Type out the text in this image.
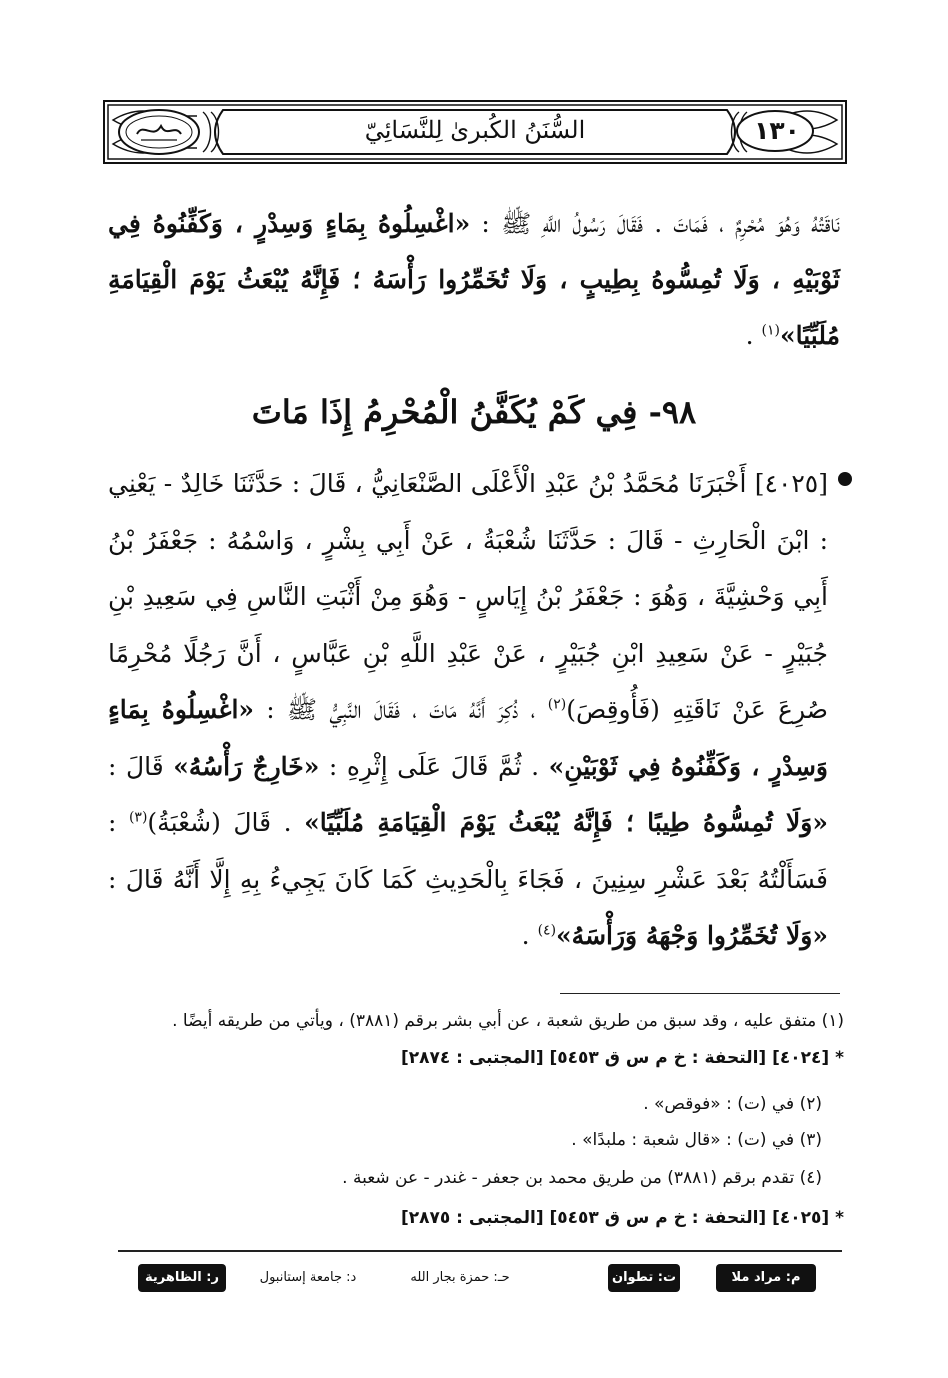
السُّنَنُ الكُبرىٰ لِلنَّسَائِيّ	١٣٠
نَاقَتُهُ وَهُوَ مُحْرِمٌ ، فَمَاتَ . فَقَالَ رَسُولُ اللَّهِ ﷺ : «اغْسِلُوهُ بِمَاءٍ وَسِدْرٍ ، وَكَفِّنُوهُ فِي ثَوْبَيْهِ ، وَلَا تُمِسُّوهُ بِطِيبٍ ، وَلَا تُخَمِّرُوا رَأْسَهُ ؛ فَإِنَّهُ يُبْعَثُ يَوْمَ الْقِيَامَةِ مُلَبِّيًا»$^{(١)}$ .
٩٨- فِي كَمْ يُكَفَّنُ الْمُحْرِمُ إِذَا مَاتَ
[٤٠٢٥] أَخْبَرَنَا مُحَمَّدُ بْنُ عَبْدِ الْأَعْلَى الصَّنْعَانِيُّ ، قَالَ : حَدَّثَنَا خَالِدٌ - يَعْنِي : ابْنَ الْحَارِثِ - قَالَ : حَدَّثَنَا شُعْبَةُ ، عَنْ أَبِي بِشْرٍ ، وَاسْمُهُ : جَعْفَرُ بْنُ أَبِي وَحْشِيَّةَ ، وَهُوَ : جَعْفَرُ بْنُ إِيَاسٍ - وَهُوَ مِنْ أَثْبَتِ النَّاسِ فِي سَعِيدِ بْنِ جُبَيْرٍ - عَنْ سَعِيدِ ابْنِ جُبَيْرٍ ، عَنْ عَبْدِ اللَّهِ بْنِ عَبَّاسٍ ، أَنَّ رَجُلًا مُحْرِمًا صُرِعَ عَنْ نَاقَتِهِ (فَأُوقِصَ)$^{(٢)}$ ، ذُكِرَ أَنَّهُ مَاتَ ، فَقَالَ النَّبِيُّ ﷺ : «اغْسِلُوهُ بِمَاءٍ وَسِدْرٍ ، وَكَفِّنُوهُ فِي ثَوْبَيْنِ» . ثُمَّ قَالَ عَلَى إِثْرِهِ : «خَارِجٌ رَأْسُهُ» قَالَ : «وَلَا تُمِسُّوهُ طِيبًا ؛ فَإِنَّهُ يُبْعَثُ يَوْمَ الْقِيَامَةِ مُلَبِّيًا» . قَالَ (شُعْبَةُ)$^{(٣)}$ : فَسَأَلْتُهُ بَعْدَ عَشْرِ سِنِينَ ، فَجَاءَ بِالْحَدِيثِ كَمَا كَانَ يَجِيءُ بِهِ إِلَّا أَنَّهُ قَالَ : «وَلَا تُخَمِّرُوا وَجْهَهُ وَرَأْسَهُ»$^{(٤)}$ .
(١) متفق عليه ، وقد سبق من طريق شعبة ، عن أبي بشر برقم (٣٨٨١) ، ويأتي من طريقه أيضًا .
* [٤٠٢٤] [التحفة : خ م س ق ٥٤٥٣] [المجتبى : ٢٨٧٤]
(٢) في (ت) : «فوقص» .
(٣) في (ت) : «قال شعبة : ملبدًا» .
(٤) تقدم برقم (٣٨٨١) من طريق محمد بن جعفر - غندر - عن شعبة .
* [٤٠٢٥] [التحفة : خ م س ق ٥٤٥٣] [المجتبى : ٢٨٧٥]
م: مراد ملا
ت: تطوان
حـ: حمزة بجار الله
د: جامعة إستانبول
ر: الظاهرية
